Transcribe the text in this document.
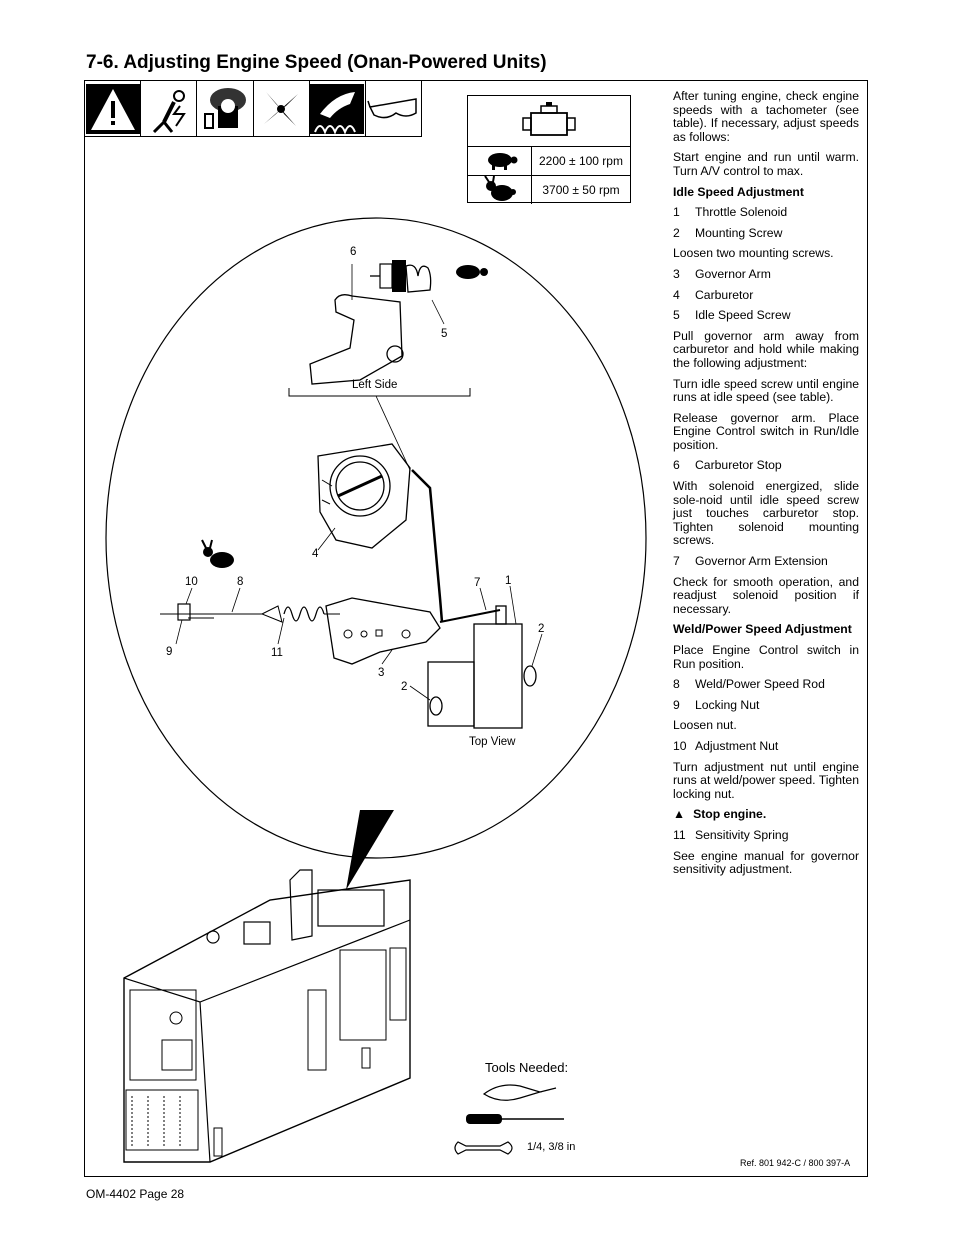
7-6. Adjusting Engine Speed (Onan-Powered Units)
2200 ± 100 rpm
3700 ± 50 rpm
6
5
Left Side
4
10	8	7 1
2
9	11
3
2
Top View

After tuning engine, check engine speeds with a tachometer (see table). If necessary, adjust speeds as follows:

Start engine and run until warm. Turn A/V control to max.

Idle Speed Adjustment

1 Throttle Solenoid

2 Mounting Screw

Loosen two mounting screws.

3 Governor Arm

4 Carburetor

5 Idle Speed Screw

Pull governor arm away from carburetor and hold while making the following adjustment:

Turn idle speed screw until engine runs at idle speed (see table).

Release governor arm. Place Engine Control switch in Run/Idle position.

6 Carburetor Stop

With solenoid energized, slide sole-noid until idle speed screw just touches carburetor stop. Tighten solenoid mounting screws.

7 Governor Arm Extension

Check for smooth operation, and readjust solenoid position if necessary.

Weld/Power Speed Adjustment

Place Engine Control switch in Run position.

8 Weld/Power Speed Rod

9 Locking Nut

Loosen nut.

10 Adjustment Nut

Turn adjustment nut until engine runs at weld/power speed. Tighten locking nut.

▲ Stop engine.

11 Sensitivity Spring

See engine manual for governor sensitivity adjustment.

Tools Needed:
1/4, 3/8 in
Ref. 801 942-C / 800 397-A
OM-4402 Page 28
